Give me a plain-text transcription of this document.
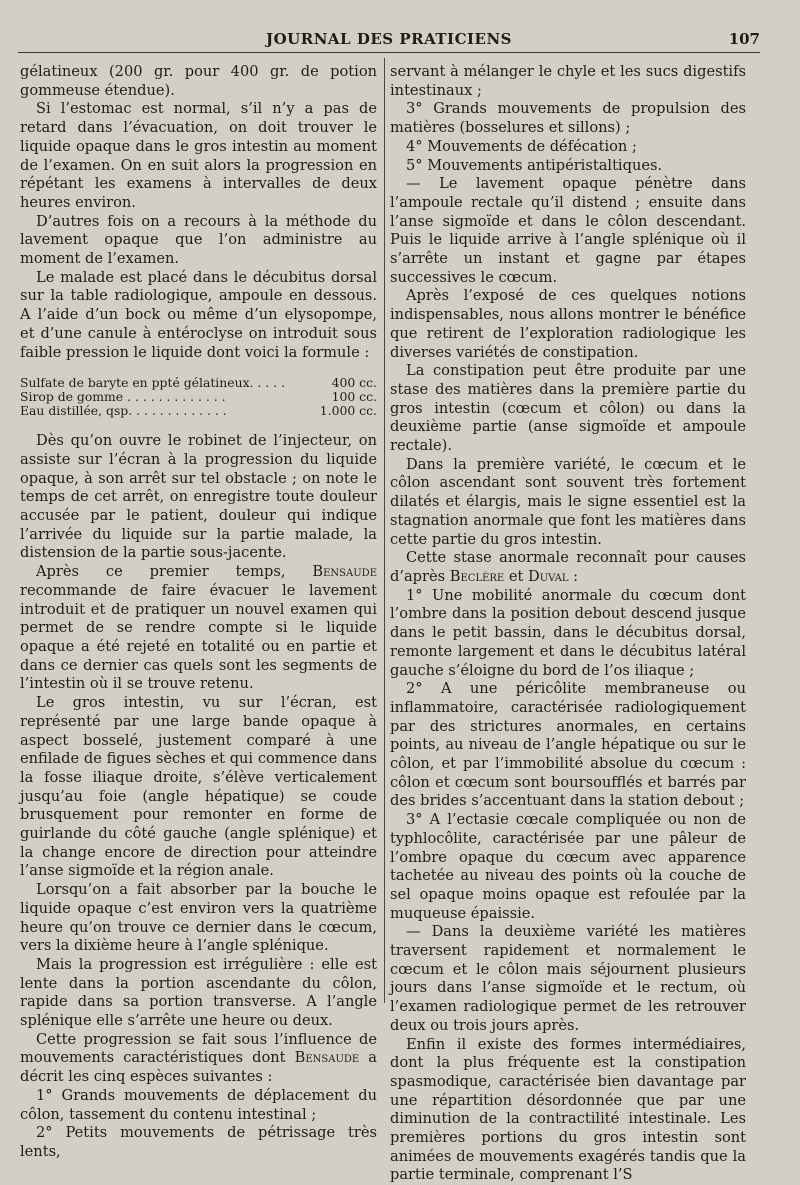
JOURNAL DES PRATICIENS	107

gélatineux (200 gr. pour 400 gr. de potion gommeuse étendue).

Si l’estomac est normal, s’il n’y a pas de retard dans l’évacuation, on doit trouver le liquide opaque dans le gros intestin au moment de l’examen. On en suit alors la progression en répétant les examens à intervalles de deux heures environ.

D’autres fois on a recours à la méthode du lavement opaque que l’on administre au moment de l’examen.

Le malade est placé dans le décubitus dorsal sur la table radiologique, ampoule en dessous. A l’aide d’un bock ou même d’un elysopompe, et d’une canule à entéroclyse on introduit sous faible pression le liquide dont voici la formule :

Sulfate de baryte en ppté gélatineux. . . . .	400 cc.
Sirop de gomme . . . . . . . . . . . . .	100 cc.
Eau distillée, qsp. . . . . . . . . . . . .	1.000 cc.

Dès qu’on ouvre le robinet de l’injecteur, on assiste sur l’écran à la progression du liquide opaque, à son arrêt sur tel obstacle ; on note le temps de cet arrêt, on enregistre toute douleur accusée par le patient, douleur qui indique l’arrivée du liquide sur la partie malade, la distension de la partie sous-jacente.

Après ce premier temps, Bensaude recommande de faire évacuer le lavement introduit et de pratiquer un nouvel examen qui permet de se rendre compte si le liquide opaque a été rejeté en totalité ou en partie et dans ce dernier cas quels sont les segments de l’intestin où il se trouve retenu.

Le gros intestin, vu sur l’écran, est représenté par une large bande opaque à aspect bosselé, justement comparé à une enfilade de figues sèches et qui commence dans la fosse iliaque droite, s’élève verticalement jusqu’au foie (angle hépatique) se coude brusquement pour remonter en forme de guirlande du côté gauche (angle splénique) et la change encore de direction pour atteindre l’anse sigmoïde et la région anale.

Lorsqu’on a fait absorber par la bouche le liquide opaque c’est environ vers la quatrième heure qu’on trouve ce dernier dans le cœcum, vers la dixième heure à l’angle splénique.

Mais la progression est irrégulière : elle est lente dans la portion ascendante du côlon, rapide dans sa portion transverse. A l’angle splénique elle s’arrête une heure ou deux.

Cette progression se fait sous l’influence de mouvements caractéristiques dont Bensaude a décrit les cinq espèces suivantes :

1° Grands mouvements de déplacement du côlon, tassement du contenu intestinal ;

2° Petits mouvements de pétrissage très lents,

servant à mélanger le chyle et les sucs digestifs intestinaux ;

3° Grands mouvements de propulsion des matières (bosselures et sillons) ;

4° Mouvements de défécation ;

5° Mouvements antipéristaltiques.

— Le lavement opaque pénètre dans l’ampoule rectale qu’il distend ; ensuite dans l’anse sigmoïde et dans le côlon descendant. Puis le liquide arrive à l’angle splénique où il s’arrête un instant et gagne par étapes successives le cœcum.

Après l’exposé de ces quelques notions indispensables, nous allons montrer le bénéfice que retirent de l’exploration radiologique les diverses variétés de constipation.

La constipation peut être produite par une stase des matières dans la première partie du gros intestin (cœcum et côlon) ou dans la deuxième partie (anse sigmoïde et ampoule rectale).

Dans la première variété, le cœcum et le côlon ascendant sont souvent très fortement dilatés et élargis, mais le signe essentiel est la stagnation anormale que font les matières dans cette partie du gros intestin.

Cette stase anormale reconnaît pour causes d’après Beclère et Duval :

1° Une mobilité anormale du cœcum dont l’ombre dans la position debout descend jusque dans le petit bassin, dans le décubitus dorsal, remonte largement et dans le décubitus latéral gauche s’éloigne du bord de l’os iliaque ;

2° A une péricôlite membraneuse ou inflammatoire, caractérisée radiologiquement par des strictures anormales, en certains points, au niveau de l’angle hépatique ou sur le côlon, et par l’immobilité absolue du cœcum : côlon et cœcum sont boursoufflés et barrés par des brides s’accentuant dans la station debout ;

3° A l’ectasie cœcale compliquée ou non de typhlocôlite, caractérisée par une pâleur de l’ombre opaque du cœcum avec apparence tachetée au niveau des points où la couche de sel opaque moins opaque est refoulée par la muqueuse épaissie.

— Dans la deuxième variété les matières traversent rapidement et normalement le cœcum et le côlon mais séjournent plusieurs jours dans l’anse sigmoïde et le rectum, où l’examen radiologique permet de les retrouver deux ou trois jours après.

Enfin il existe des formes intermédiaires, dont la plus fréquente est la constipation spasmodique, caractérisée bien davantage par une répartition désordonnée que par une diminution de la contractilité intestinale. Les premières portions du gros intestin sont animées de mouvements exagérés tandis que la partie terminale, comprenant l’S
